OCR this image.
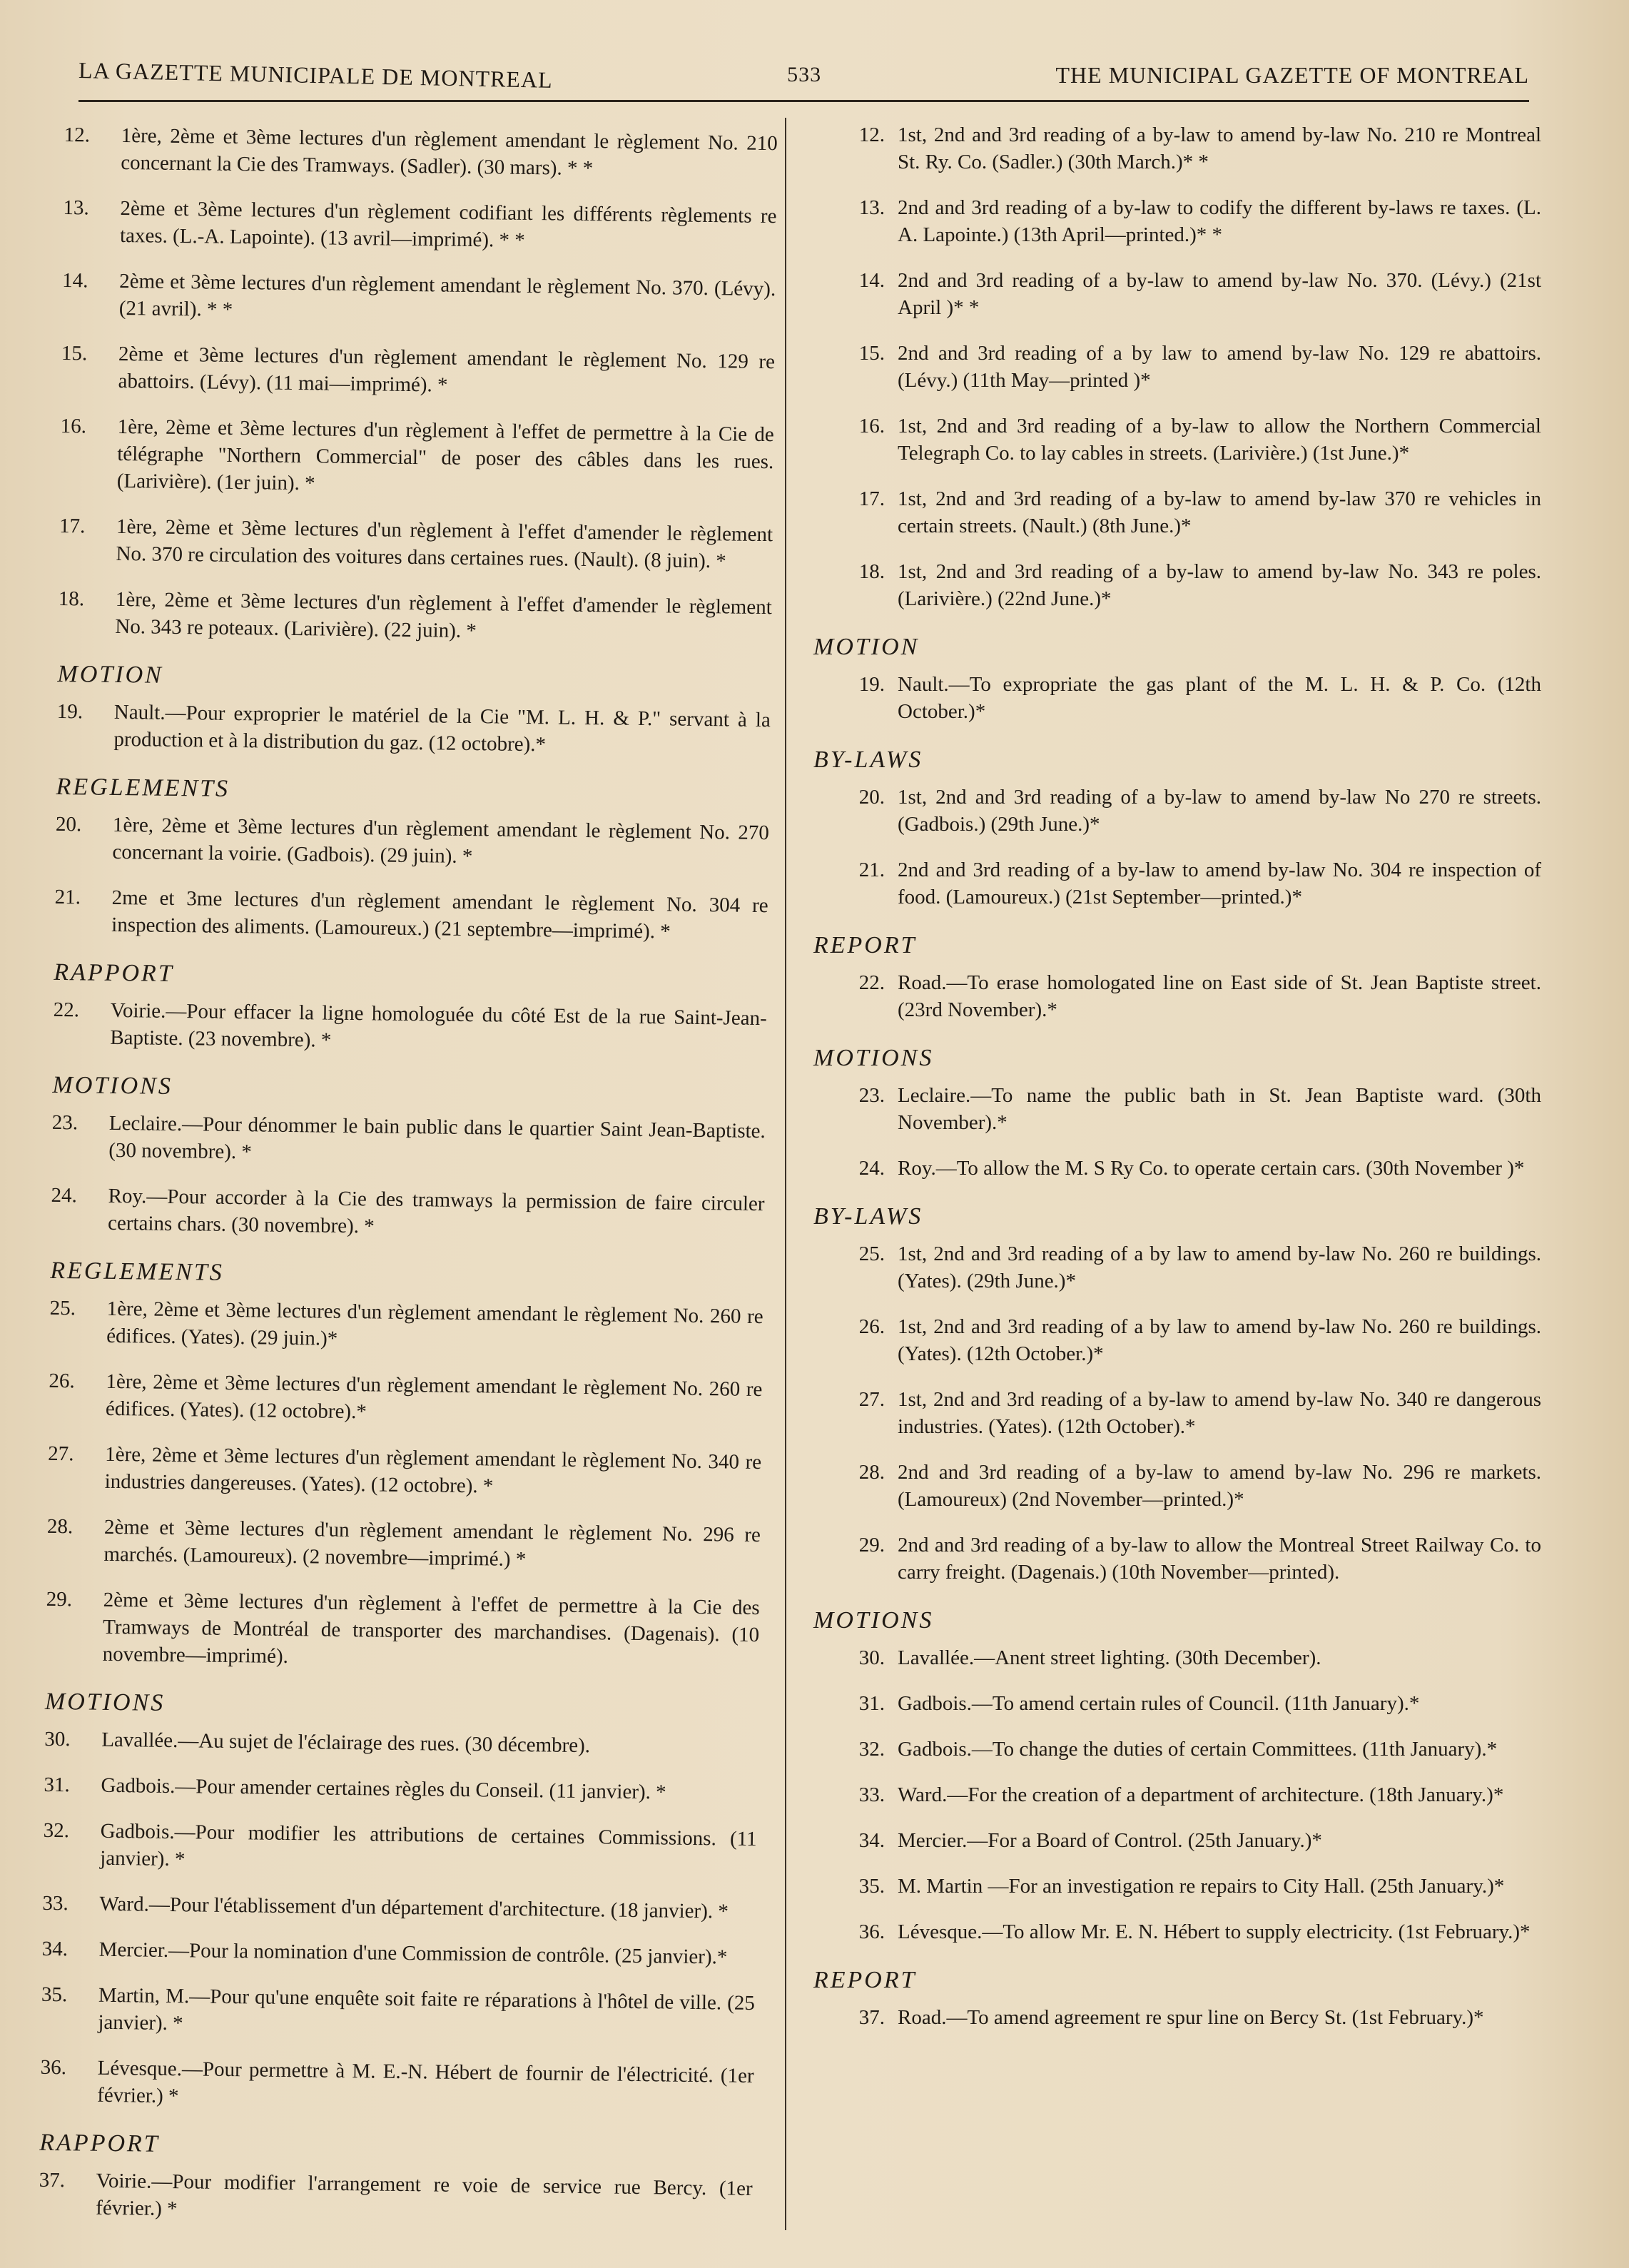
LA GAZETTE MUNICIPALE DE MONTREAL	533	THE MUNICIPAL GAZETTE OF MONTREAL
12.	1ère, 2ème et 3ème lectures d'un règlement amendant le règlement No. 210 concernant la Cie des Tramways. (Sadler). (30 mars). * *
13.	2ème et 3ème lectures d'un règlement codifiant les différents règlements re taxes. (L.-A. Lapointe). (13 avril—imprimé). * *
14.	2ème et 3ème lectures d'un règlement amendant le règlement No. 370. (Lévy). (21 avril). * *
15.	2ème et 3ème lectures d'un règlement amendant le règlement No. 129 re abattoirs. (Lévy). (11 mai—imprimé). *
16.	1ère, 2ème et 3ème lectures d'un règlement à l'effet de permettre à la Cie de télégraphe "Northern Commercial" de poser des câbles dans les rues. (Larivière). (1er juin). *
17.	1ère, 2ème et 3ème lectures d'un règlement à l'effet d'amender le règlement No. 370 re circulation des voitures dans certaines rues. (Nault). (8 juin). *
18.	1ère, 2ème et 3ème lectures d'un règlement à l'effet d'amender le règlement No. 343 re poteaux. (Larivière). (22 juin). *
MOTION
19.	Nault.—Pour exproprier le matériel de la Cie "M. L. H. & P." servant à la production et à la distribution du gaz. (12 octobre).*
REGLEMENTS
20.	1ère, 2ème et 3ème lectures d'un règlement amendant le règlement No. 270 concernant la voirie. (Gadbois). (29 juin). *
21.	2me et 3me lectures d'un règlement amendant le règlement No. 304 re inspection des aliments. (Lamoureux.) (21 septembre—imprimé). *
RAPPORT
22.	Voirie.—Pour effacer la ligne homologuée du côté Est de la rue Saint-Jean-Baptiste. (23 novembre). *
MOTIONS
23.	Leclaire.—Pour dénommer le bain public dans le quartier Saint Jean-Baptiste. (30 novembre). *
24.	Roy.—Pour accorder à la Cie des tramways la permission de faire circuler certains chars. (30 novembre). *
REGLEMENTS
25.	1ère, 2ème et 3ème lectures d'un règlement amendant le règlement No. 260 re édifices. (Yates). (29 juin.)*
26.	1ère, 2ème et 3ème lectures d'un règlement amendant le règlement No. 260 re édifices. (Yates). (12 octobre).*
27.	1ère, 2ème et 3ème lectures d'un règlement amendant le règlement No. 340 re industries dangereuses. (Yates). (12 octobre). *
28.	2ème et 3ème lectures d'un règlement amendant le règlement No. 296 re marchés. (Lamoureux). (2 novembre—imprimé.) *
29.	2ème et 3ème lectures d'un règlement à l'effet de permettre à la Cie des Tramways de Montréal de transporter des marchandises. (Dagenais). (10 novembre—imprimé).
MOTIONS
30.	Lavallée.—Au sujet de l'éclairage des rues. (30 décembre).
31.	Gadbois.—Pour amender certaines règles du Conseil. (11 janvier). *
32.	Gadbois.—Pour modifier les attributions de certaines Commissions. (11 janvier). *
33.	Ward.—Pour l'établissement d'un département d'architecture. (18 janvier). *
34.	Mercier.—Pour la nomination d'une Commission de contrôle. (25 janvier).*
35.	Martin, M.—Pour qu'une enquête soit faite re réparations à l'hôtel de ville. (25 janvier). *
36.	Lévesque.—Pour permettre à M. E.-N. Hébert de fournir de l'électricité. (1er février.) *
RAPPORT
37.	Voirie.—Pour modifier l'arrangement re voie de service rue Bercy. (1er février.) *
12. 1st, 2nd and 3rd reading of a by-law to amend by-law No. 210 re Montreal St. Ry. Co. (Sadler.) (30th March.)* *
13. 2nd and 3rd reading of a by-law to codify the different by-laws re taxes. (L. A. Lapointe.) (13th April—printed.)* *
14. 2nd and 3rd reading of a by-law to amend by-law No. 370. (Lévy.) (21st April )* *
15. 2nd and 3rd reading of a by law to amend by-law No. 129 re abattoirs. (Lévy.) (11th May—printed )*
16. 1st, 2nd and 3rd reading of a by-law to allow the Northern Commercial Telegraph Co. to lay cables in streets. (Larivière.) (1st June.)*
17. 1st, 2nd and 3rd reading of a by-law to amend by-law 370 re vehicles in certain streets. (Nault.) (8th June.)*
18. 1st, 2nd and 3rd reading of a by-law to amend by-law No. 343 re poles. (Larivière.) (22nd June.)*
MOTION
19. Nault.—To expropriate the gas plant of the M. L. H. & P. Co. (12th October.)*
BY-LAWS
20. 1st, 2nd and 3rd reading of a by-law to amend by-law No 270 re streets. (Gadbois.) (29th June.)*
21. 2nd and 3rd reading of a by-law to amend by-law No. 304 re inspection of food. (Lamoureux.) (21st September—printed.)*
REPORT
22. Road.—To erase homologated line on East side of St. Jean Baptiste street. (23rd November).*
MOTIONS
23. Leclaire.—To name the public bath in St. Jean Baptiste ward. (30th November).*
24. Roy.—To allow the M. S Ry Co. to operate certain cars. (30th November )*
BY-LAWS
25. 1st, 2nd and 3rd reading of a by law to amend by-law No. 260 re buildings. (Yates). (29th June.)*
26. 1st, 2nd and 3rd reading of a by law to amend by-law No. 260 re buildings. (Yates). (12th October.)*
27. 1st, 2nd and 3rd reading of a by-law to amend by-law No. 340 re dangerous industries. (Yates). (12th October).*
28. 2nd and 3rd reading of a by-law to amend by-law No. 296 re markets. (Lamoureux) (2nd November—printed.)*
29. 2nd and 3rd reading of a by-law to allow the Montreal Street Railway Co. to carry freight. (Dagenais.) (10th November—printed).
MOTIONS
30. Lavallée.—Anent street lighting. (30th December).
31. Gadbois.—To amend certain rules of Council. (11th January).*
32. Gadbois.—To change the duties of certain Committees. (11th January).*
33. Ward.—For the creation of a department of architecture. (18th January.)*
34. Mercier.—For a Board of Control. (25th January.)*
35. M. Martin —For an investigation re repairs to City Hall. (25th January.)*
36. Lévesque.—To allow Mr. E. N. Hébert to supply electricity. (1st February.)*
REPORT
37. Road.—To amend agreement re spur line on Bercy St. (1st February.)*
